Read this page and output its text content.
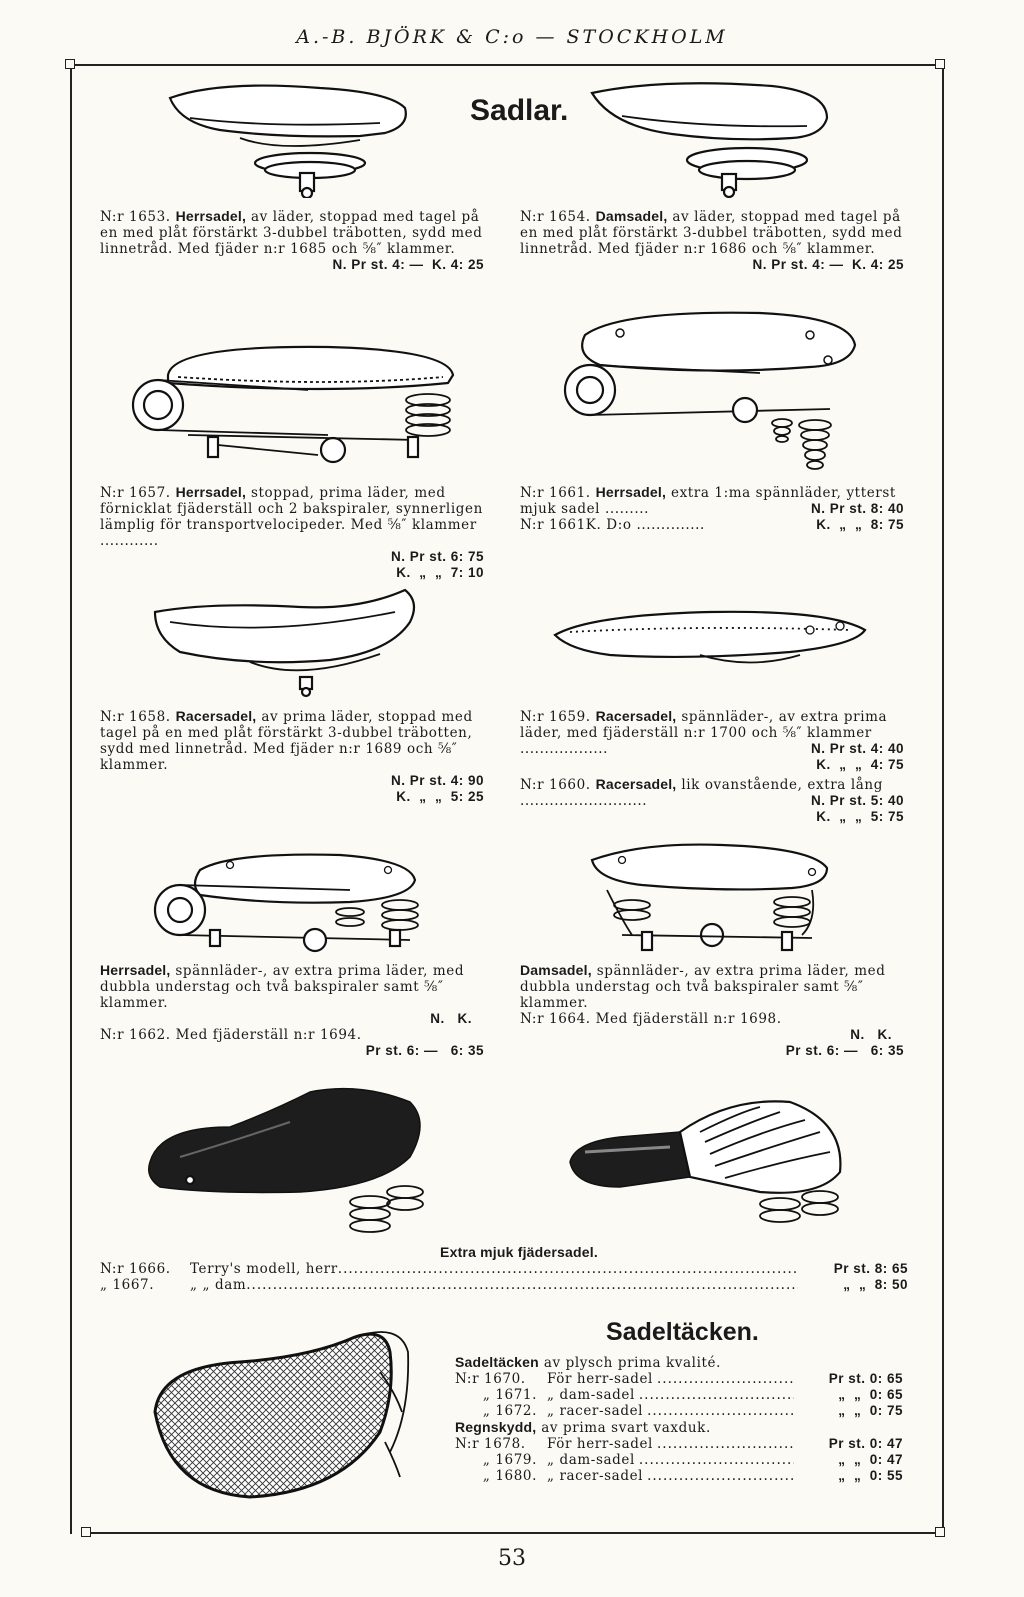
A.-B. BJÖRK & C:o — STOCKHOLM
Sadlar.
N:r 1653. Herrsadel, av läder, stoppad med tagel på en med plåt förstärkt 3-dubbel träbotten, sydd med linnetråd. Med fjäder n:r 1685 och ⅝″ klammer.
N. Pr st. 4: —  K. 4: 25
N:r 1654. Damsadel, av läder, stoppad med tagel på en med plåt förstärkt 3-dubbel träbotten, sydd med linnetråd. Med fjäder n:r 1686 och ⅝″ klammer.
N. Pr st. 4: —  K. 4: 25
N:r 1657. Herrsadel, stoppad, prima läder, med förnicklat fjäderställ och 2 bakspiraler, synnerligen lämplig för transportvelocipeder. Med ⅝″ klammer ............
N. Pr st. 6: 75
K.  „  „  7: 10
N:r 1661. Herrsadel, extra 1:ma spännläder, ytterst mjuk sadel .........	N. Pr st. 8: 40
N:r 1661K. D:o ..............	K.  „  „  8: 75
N:r 1658. Racersadel, av prima läder, stoppad med tagel på en med plåt förstärkt 3-dubbel träbotten, sydd med linnetråd. Med fjäder n:r 1689 och ⅝″ klammer.
N. Pr st. 4: 90
K.  „  „  5: 25
N:r 1659. Racersadel, spännläder-, av extra prima läder, med fjäderställ n:r 1700 och ⅝″ klammer ..................	N. Pr st. 4: 40
K.  „  „  4: 75
N:r 1660. Racersadel, lik ovanstående, extra lång ..........................	N. Pr st. 5: 40
K.  „  „  5: 75
Herrsadel, spännläder-, av extra prima läder, med dubbla understag och två bakspiraler samt ⅝″ klammer.
N.   K.
N:r 1662. Med fjäderställ n:r 1694.
Pr st. 6: —   6: 35
Damsadel, spännläder-, av extra prima läder, med dubbla understag och två bakspiraler samt ⅝″ klammer.
N:r 1664. Med fjäderställ n:r 1698.
N.   K.
Pr st. 6: —   6: 35
Extra mjuk fjädersadel.
N:r 1666.	Terry's modell, herr .....	Pr st. 8: 65
„ 1667.	„ „ dam .....	„  „  8: 50
Sadeltäcken.
Sadeltäcken av plysch prima kvalité.
N:r 1670.	För herr-sadel .....	Pr st. 0: 65
„ 1671. „ dam-sadel .....	„  „  0: 65
„ 1672. „ racer-sadel .....	„  „  0: 75
Regnskydd, av prima svart vaxduk.
N:r 1678.	För herr-sadel .....	Pr st. 0: 47
„ 1679. „ dam-sadel .....	„  „  0: 47
„ 1680. „ racer-sadel .....	„  „  0: 55
53
